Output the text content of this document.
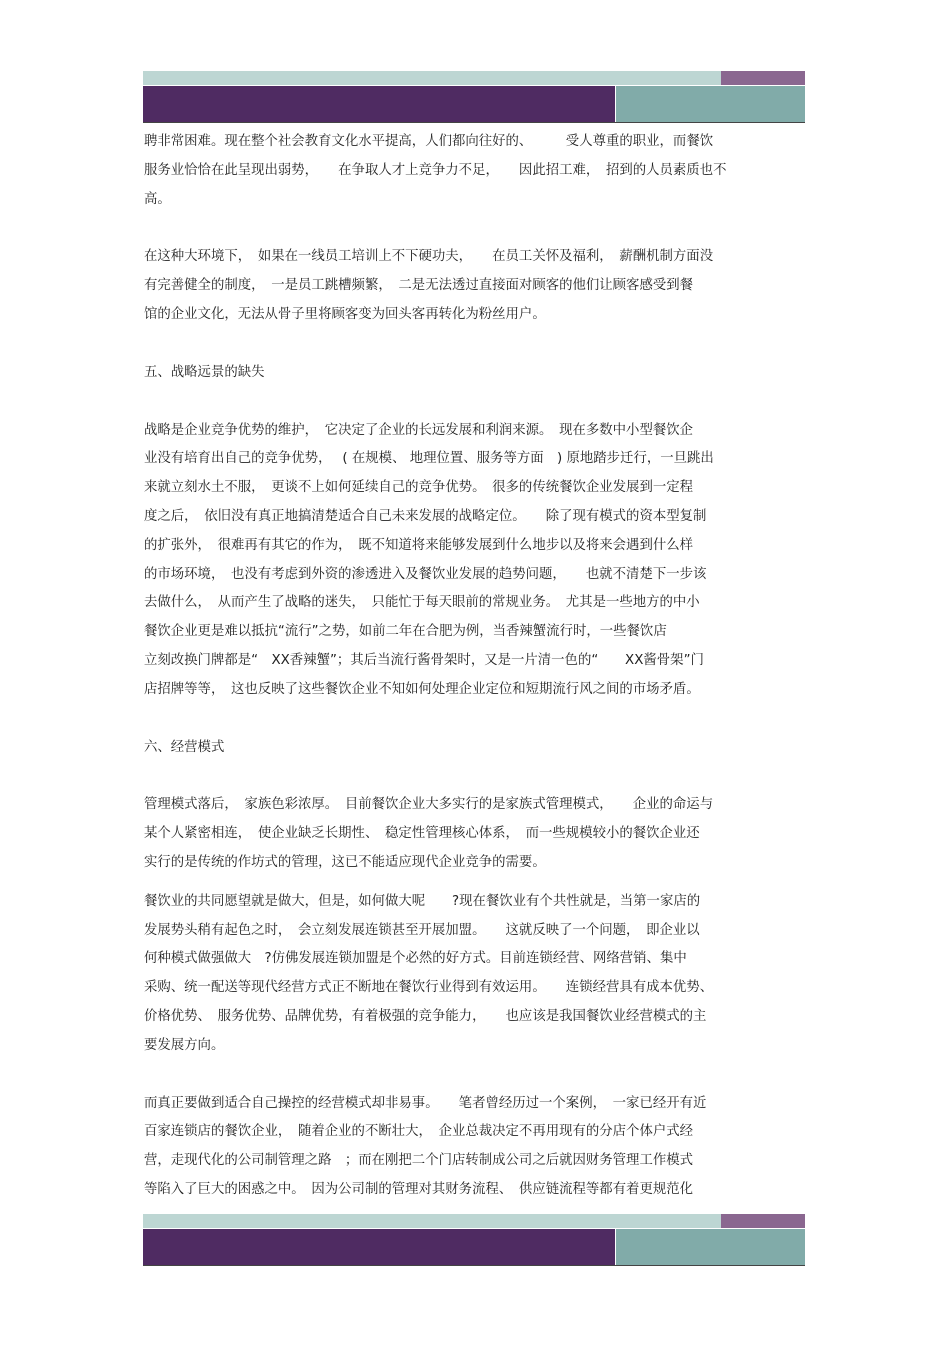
聘非常困难。现在整个社会教育文化水平提高，人们都向往好的、　　　受人尊重的职业，而餐饮
服务业恰恰在此呈现出弱势，　　在争取人才上竞争力不足，　　因此招工难，　招到的人员素质也不
高。

在这种大环境下，　如果在一线员工培训上不下硬功夫，　　在员工关怀及福利，　薪酬机制方面没
有完善健全的制度，　一是员工跳槽频繁，　二是无法透过直接面对顾客的他们让顾客感受到餐
馆的企业文化，无法从骨子里将顾客变为回头客再转化为粉丝用户。

五、战略远景的缺失

战略是企业竞争优势的维护，　它决定了企业的长远发展和利润来源。　现在多数中小型餐饮企
业没有培育出自己的竞争优势，　 ( 在规模、 地理位置、服务等方面　) 原地踏步迁行，一旦跳出
来就立刻水土不服，　更谈不上如何延续自己的竞争优势。　很多的传统餐饮企业发展到一定程
度之后，　依旧没有真正地搞清楚适合自己未来发展的战略定位。　　除了现有模式的资本型复制
的扩张外，　很难再有其它的作为，　既不知道将来能够发展到什么地步以及将来会遇到什么样
的市场环境，　也没有考虑到外资的渗透进入及餐饮业发展的趋势问题，　　也就不清楚下一步该
去做什么，　从而产生了战略的迷失，　只能忙于每天眼前的常规业务。　尤其是一些地方的中小
餐饮企业更是难以抵抗“流行”之势，如前二年在合肥为例，当香辣蟹流行时，一些餐饮店
立刻改换门牌都是“　XX香辣蟹”；其后当流行酱骨架时，又是一片清一色的“　　XX酱骨架”门
店招牌等等，　这也反映了这些餐饮企业不知如何处理企业定位和短期流行风之间的市场矛盾。

六、经营模式

管理模式落后，　家族色彩浓厚。　目前餐饮企业大多实行的是家族式管理模式，　　企业的命运与
某个人紧密相连，　使企业缺乏长期性、　稳定性管理核心体系，　而一些规模较小的餐饮企业还
实行的是传统的作坊式的管理，这已不能适应现代企业竞争的需要。

餐饮业的共同愿望就是做大，但是，如何做大呢　　?现在餐饮业有个共性就是，当第一家店的
发展势头稍有起色之时，　会立刻发展连锁甚至开展加盟。　　这就反映了一个问题，　即企业以
何种模式做强做大　?仿佛发展连锁加盟是个必然的好方式。目前连锁经营、网络营销、集中
采购、统一配送等现代经营方式正不断地在餐饮行业得到有效运用。　　连锁经营具有成本优势、
价格优势、　服务优势、品牌优势，有着极强的竞争能力，　　也应该是我国餐饮业经营模式的主
要发展方向。

而真正要做到适合自己操控的经营模式却非易事。　　笔者曾经历过一个案例，　一家已经开有近
百家连锁店的餐饮企业，　随着企业的不断壮大，　企业总裁决定不再用现有的分店个体户式经
营，走现代化的公司制管理之路　；而在刚把二个门店转制成公司之后就因财务管理工作模式
等陷入了巨大的困惑之中。　因为公司制的管理对其财务流程、　供应链流程等都有着更规范化
